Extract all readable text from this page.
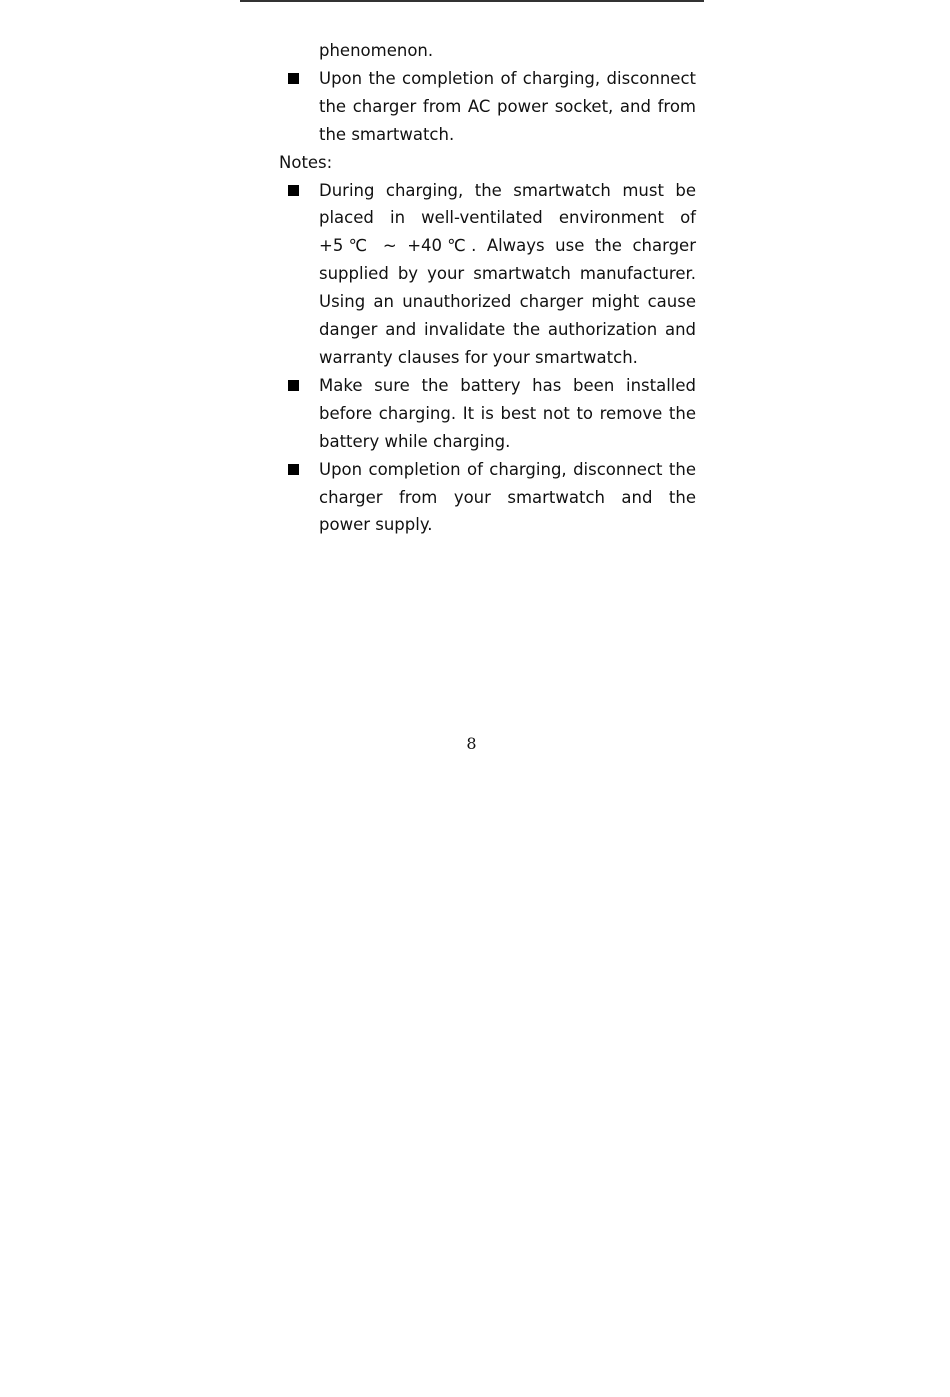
phenomenon.

Upon the completion of charging, disconnect the charger from AC power socket, and from the smartwatch.

Notes:

During charging, the smartwatch must be placed in well-ventilated environment of +5℃ ~ +40℃. Always use the charger supplied by your smartwatch manufacturer. Using an unauthorized charger might cause danger and invalidate the authorization and warranty clauses for your smartwatch.
Make sure the battery has been installed before charging. It is best not to remove the battery while charging.
Upon completion of charging, disconnect the charger from your smartwatch and the power supply.
8
